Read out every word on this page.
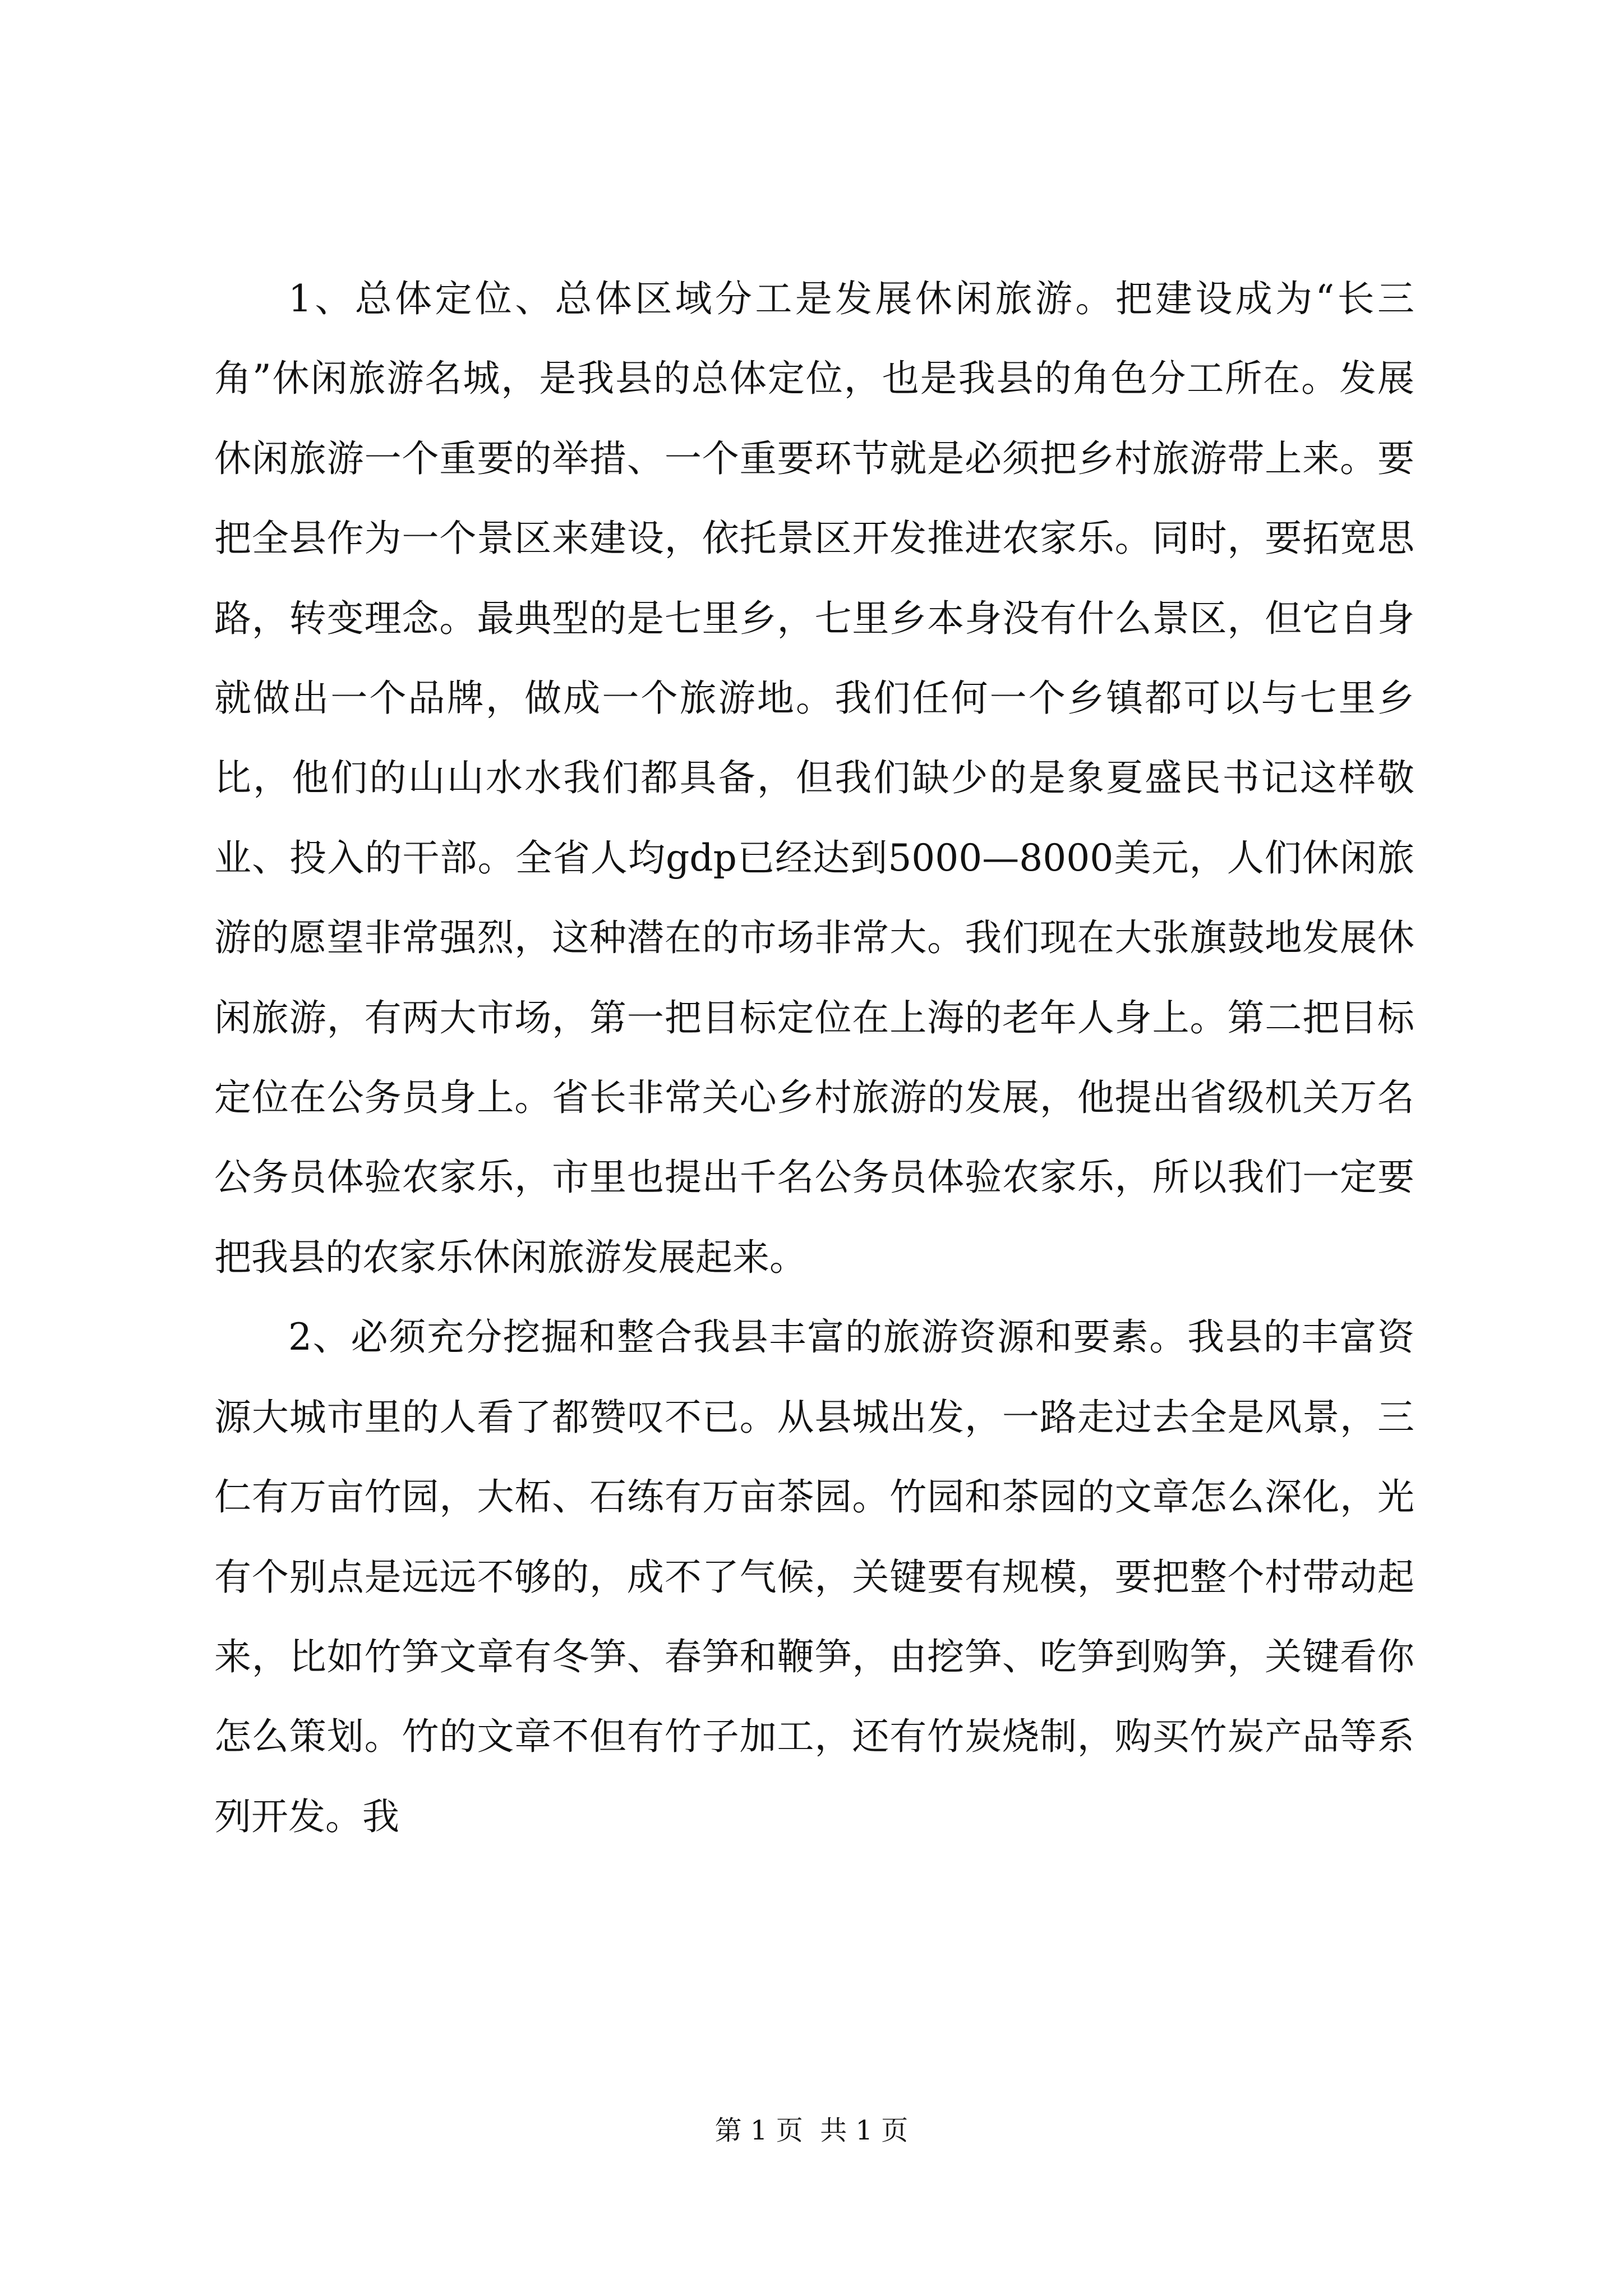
1、总体定位、总体区域分工是发展休闲旅游。把建设成为“长三角”休闲旅游名城，是我县的总体定位，也是我县的角色分工所在。发展休闲旅游一个重要的举措、一个重要环节就是必须把乡村旅游带上来。要把全县作为一个景区来建设，依托景区开发推进农家乐。同时，要拓宽思路，转变理念。最典型的是七里乡，七里乡本身没有什么景区，但它自身就做出一个品牌，做成一个旅游地。我们任何一个乡镇都可以与七里乡比，他们的山山水水我们都具备，但我们缺少的是象夏盛民书记这样敬业、投入的干部。全省人均gdp已经达到5000—8000美元，人们休闲旅游的愿望非常强烈，这种潜在的市场非常大。我们现在大张旗鼓地发展休闲旅游，有两大市场，第一把目标定位在上海的老年人身上。第二把目标定位在公务员身上。省长非常关心乡村旅游的发展，他提出省级机关万名公务员体验农家乐，市里也提出千名公务员体验农家乐，所以我们一定要把我县的农家乐休闲旅游发展起来。

2、必须充分挖掘和整合我县丰富的旅游资源和要素。我县的丰富资源大城市里的人看了都赞叹不已。从县城出发，一路走过去全是风景，三仁有万亩竹园，大柘、石练有万亩茶园。竹园和茶园的文章怎么深化，光有个别点是远远不够的，成不了气候，关键要有规模，要把整个村带动起来，比如竹笋文章有冬笋、春笋和鞭笋，由挖笋、吃笋到购笋，关键看你怎么策划。竹的文章不但有竹子加工，还有竹炭烧制，购买竹炭产品等系列开发。我

第 1 页  共 1 页
